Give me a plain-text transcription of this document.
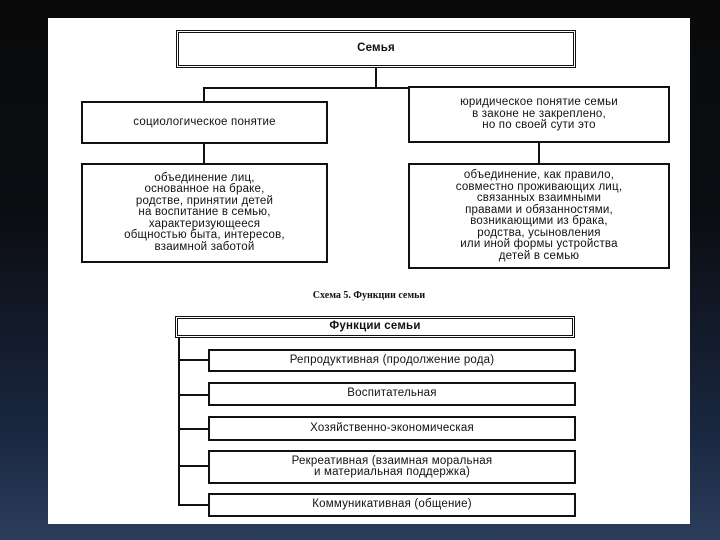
Семья
социологическое понятие
юридическое понятие семьи
в законе не закреплено,
но по своей сути это
объединение лиц,
основанное на браке,
родстве, принятии детей
на воспитание в семью,
характеризующееся
общностью быта, интересов,
взаимной заботой
объединение, как правило,
совместно проживающих лиц,
связанных взаимными
правами и обязанностями,
возникающими из брака,
родства, усыновления
или иной формы устройства
детей в семью
Схема 5. Функции семьи
Функции семьи
Репродуктивная (продолжение рода)
Воспитательная
Хозяйственно-экономическая
Рекреативная (взаимная моральная
и материальная поддержка)
Коммуникативная (общение)
